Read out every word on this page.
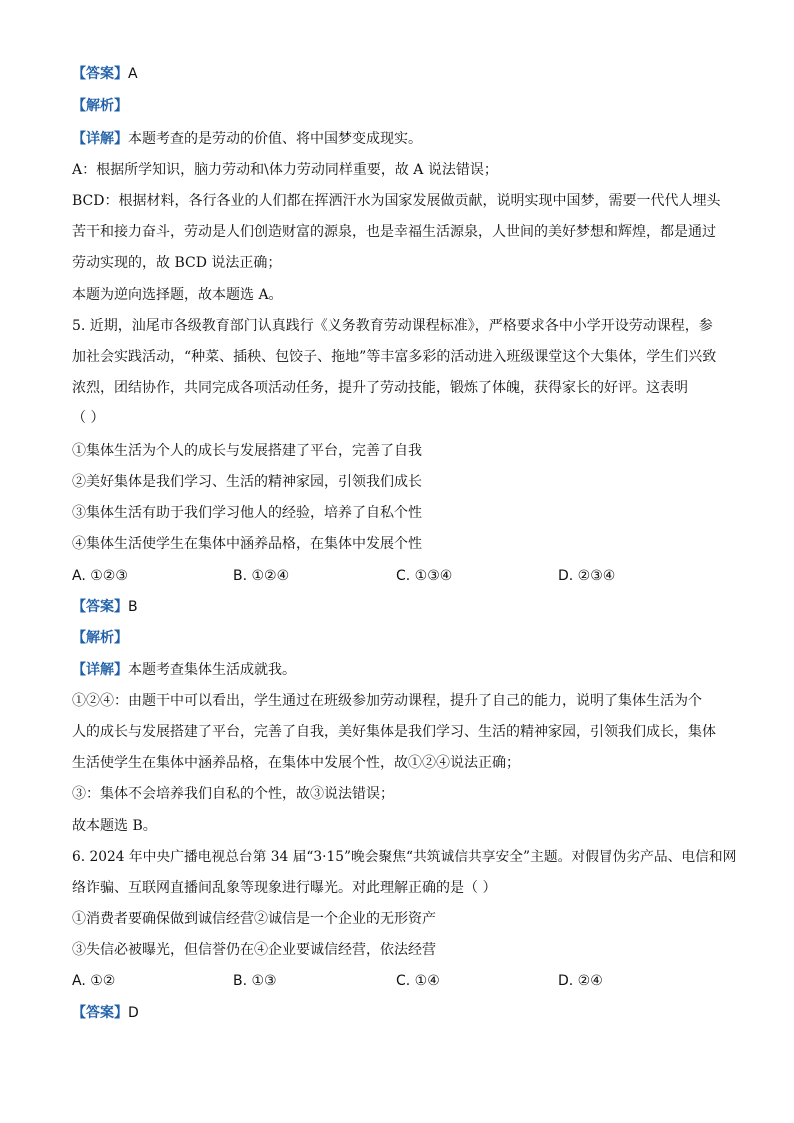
【答案】A
【解析】
【详解】本题考查的是劳动的价值、将中国梦变成现实。
A：根据所学知识，脑力劳动和\体力劳动同样重要，故 A 说法错误；
BCD：根据材料，各行各业的人们都在挥洒汗水为国家发展做贡献，说明实现中国梦，需要一代代人埋头
苦干和接力奋斗，劳动是人们创造财富的源泉，也是幸福生活源泉，人世间的美好梦想和辉煌，都是通过
劳动实现的，故 BCD 说法正确；
本题为逆向选择题，故本题选 A。
5. 近期，汕尾市各级教育部门认真践行《义务教育劳动课程标准》，严格要求各中小学开设劳动课程，参
加社会实践活动，“种菜、插秧、包饺子、拖地”等丰富多彩的活动进入班级课堂这个大集体，学生们兴致
浓烈，团结协作，共同完成各项活动任务，提升了劳动技能，锻炼了体魄，获得家长的好评。这表明
（ ）
①集体生活为个人的成长与发展搭建了平台，完善了自我
②美好集体是我们学习、生活的精神家园，引领我们成长
③集体生活有助于我们学习他人的经验，培养了自私个性
④集体生活使学生在集体中涵养品格，在集体中发展个性
A. ①②③	B. ①②④	C. ①③④	D. ②③④
【答案】B
【解析】
【详解】本题考查集体生活成就我。
①②④：由题干中可以看出，学生通过在班级参加劳动课程，提升了自己的能力，说明了集体生活为个
人的成长与发展搭建了平台，完善了自我，美好集体是我们学习、生活的精神家园，引领我们成长，集体
生活使学生在集体中涵养品格，在集体中发展个性，故①②④说法正确；
③：集体不会培养我们自私的个性，故③说法错误；
故本题选 B。
6. 2024 年中央广播电视总台第 34 届“3·15”晚会聚焦“共筑诚信共享安全”主题。对假冒伪劣产品、电信和网
络诈骗、互联网直播间乱象等现象进行曝光。对此理解正确的是（ ）
①消费者要确保做到诚信经营②诚信是一个企业的无形资产
③失信必被曝光，但信誉仍在④企业要诚信经营，依法经营
A. ①②	B. ①③	C. ①④	D. ②④
【答案】D
